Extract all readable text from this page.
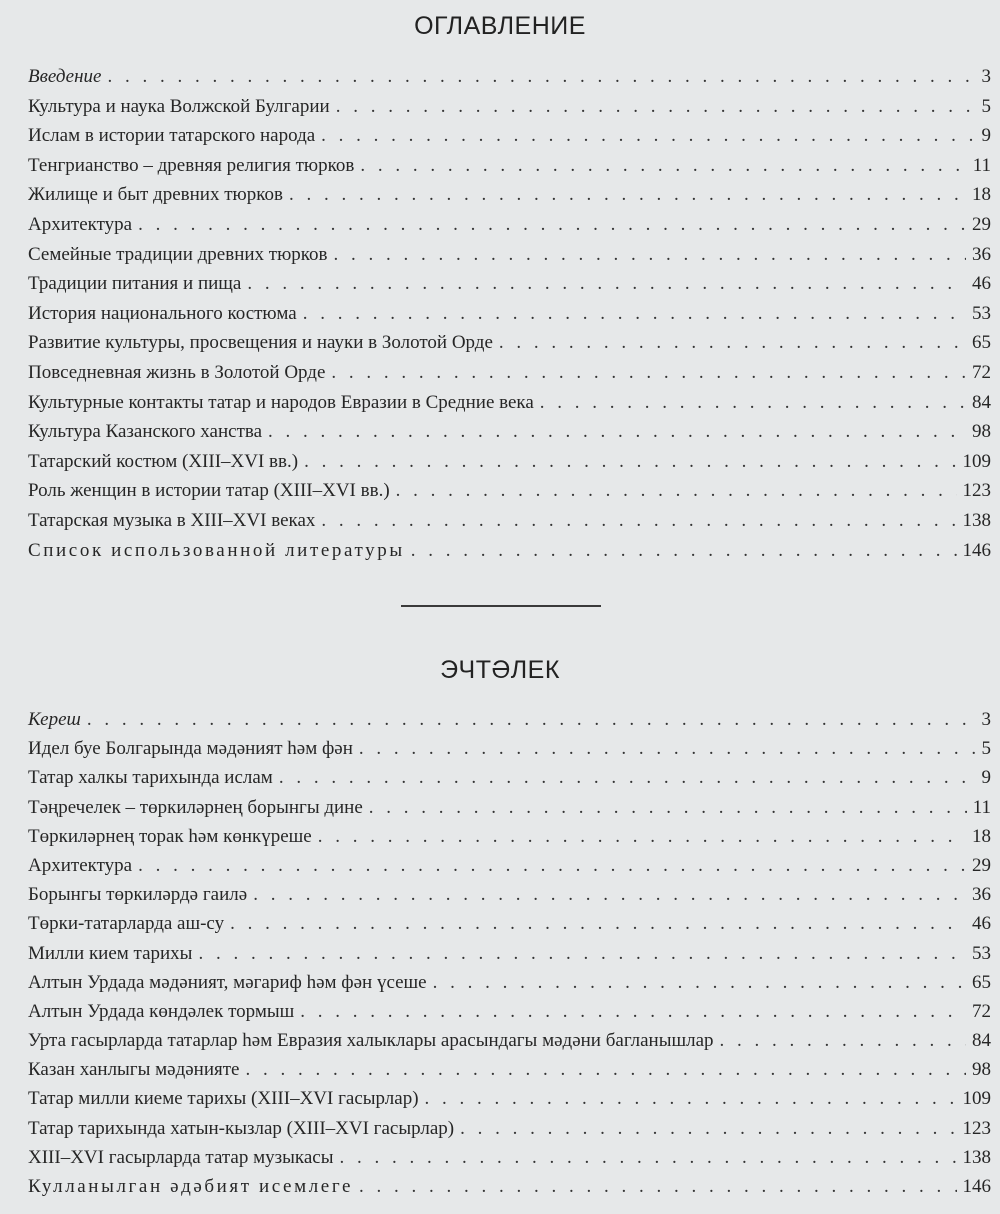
ОГЛАВЛЕНИЕ
Введение . . .	3
Культура и наука Волжской Булгарии . . .	5
Ислам в истории татарского народа . . .	9
Тенгрианство – древняя религия тюрков . . .	11
Жилище и быт древних тюрков . . .	18
Архитектура . . .	29
Семейные традиции древних тюрков . . .	36
Традиции питания и пища . . .	46
История национального костюма . . .	53
Развитие культуры, просвещения и науки в Золотой Орде . . .	65
Повседневная жизнь в Золотой Орде . . .	72
Культурные контакты татар и народов Евразии в Средние века . . .	84
Культура Казанского ханства . . .	98
Татарский костюм (XIII–XVI вв.) . . .	109
Роль женщин в истории татар (XIII–XVI вв.) . . .	123
Татарская музыка в XIII–XVI веках . . .	138
Список использованной литературы . . .	146
ЭЧТӘЛЕК
Кереш . . .	3
Идел буе Болгарында мәдәният һәм фән . . .	5
Татар халкы тарихында ислам . . .	9
Тәңречелек – төркиләрнең борынгы дине . . .	11
Төркиләрнең торак һәм көнкүреше . . .	18
Архитектура . . .	29
Борынгы төркиләрдә гаилә . . .	36
Төрки-татарларда аш-су . . .	46
Милли кием тарихы . . .	53
Алтын Урдада мәдәният, мәгариф һәм фән үсеше . . .	65
Алтын Урдада көндәлек тормыш . . .	72
Урта гасырларда татарлар һәм Евразия халыклары арасындагы мәдәни багланышлар . . .	84
Казан ханлыгы мәдәнияте . . .	98
Татар милли киеме тарихы (XIII–XVI гасырлар) . . .	109
Татар тарихында хатын-кызлар (XIII–XVI гасырлар) . . .	123
XIII–XVI гасырларда татар музыкасы . . .	138
Кулланылган әдәбият исемлеге . . .	146
